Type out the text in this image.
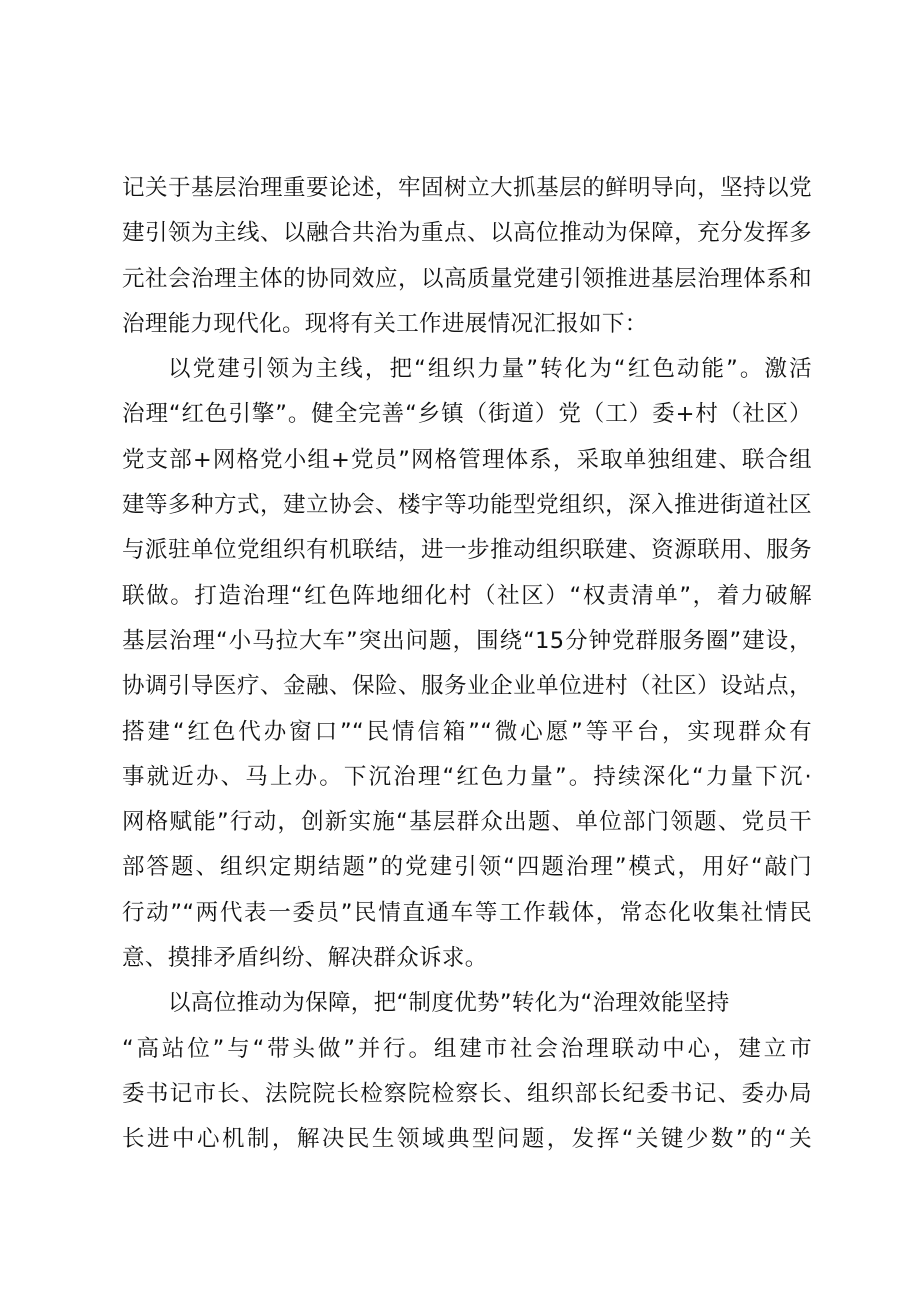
记关于基层治理重要论述，牢固树立大抓基层的鲜明导向，坚持以党
建引领为主线、以融合共治为重点、以高位推动为保障，充分发挥多
元社会治理主体的协同效应，以高质量党建引领推进基层治理体系和
治理能力现代化。现将有关工作进展情况汇报如下：
以党建引领为主线，把“组织力量”转化为“红色动能”。激活
治理“红色引擎”。健全完善“乡镇（街道）党（工）委+村（社区）
党支部+网格党小组+党员”网格管理体系，采取单独组建、联合组
建等多种方式，建立协会、楼宇等功能型党组织，深入推进街道社区
与派驻单位党组织有机联结，进一步推动组织联建、资源联用、服务
联做。打造治理“红色阵地细化村（社区）“权责清单”，着力破解
基层治理“小马拉大车”突出问题，围绕“15分钟党群服务圈”建设，
协调引导医疗、金融、保险、服务业企业单位进村（社区）设站点，
搭建“红色代办窗口”“民情信箱”“微心愿”等平台，实现群众有
事就近办、马上办。下沉治理“红色力量”。持续深化“力量下沉·
网格赋能”行动，创新实施“基层群众出题、单位部门领题、党员干
部答题、组织定期结题”的党建引领“四题治理”模式，用好“敲门
行动”“两代表一委员”民情直通车等工作载体，常态化收集社情民
意、摸排矛盾纠纷、解决群众诉求。
以高位推动为保障，把“制度优势”转化为“治理效能坚持
“高站位”与“带头做”并行。组建市社会治理联动中心，建立市
委书记市长、法院院长检察院检察长、组织部长纪委书记、委办局
长进中心机制，解决民生领域典型问题，发挥“关键少数”的“关
